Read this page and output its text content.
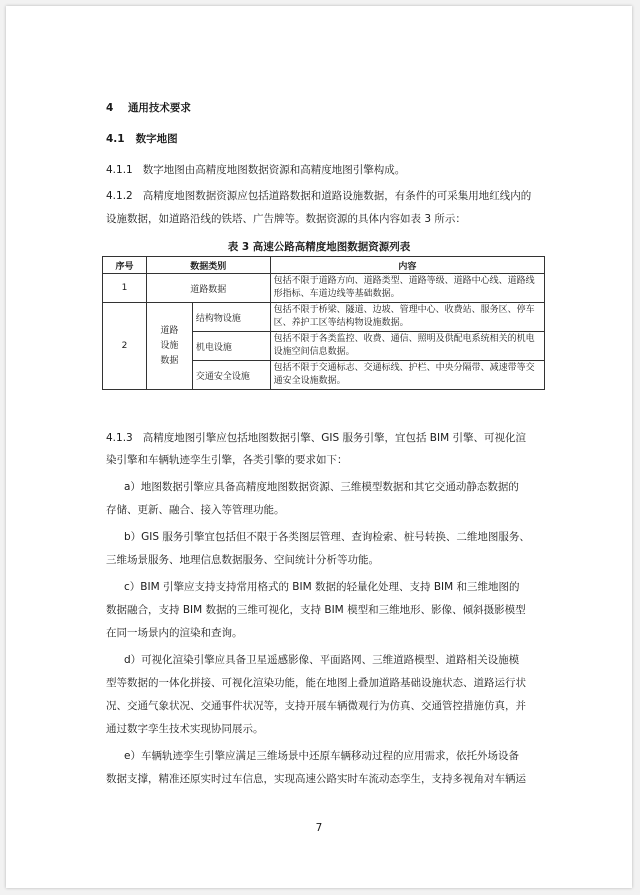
4 通用技术要求
4.1 数字地图
4.1.1 数字地图由高精度地图数据资源和高精度地图引擎构成。
4.1.2 高精度地图数据资源应包括道路数据和道路设施数据，有条件的可采集用地红线内的
设施数据，如道路沿线的铁塔、广告牌等。数据资源的具体内容如表 3 所示：
表 3 高速公路高精度地图数据资源列表
序号	数据类别		内容
1	道路数据		包括不限于道路方向、道路类型、道路等级、道路中心线、道路线形指标、车道边线等基础数据。
2	道路设施数据	结构物设施	包括不限于桥梁、隧道、边坡、管理中心、收费站、服务区、停车区、养护工区等结构物设施数据。
		机电设施	包括不限于各类监控、收费、通信、照明及供配电系统相关的机电设施空间信息数据。
		交通安全设施	包括不限于交通标志、交通标线、护栏、中央分隔带、减速带等交通安全设施数据。
4.1.3 高精度地图引擎应包括地图数据引擎、GIS 服务引擎，宜包括 BIM 引擎、可视化渲
染引擎和车辆轨迹孪生引擎，各类引擎的要求如下：
a）地图数据引擎应具备高精度地图数据资源、三维模型数据和其它交通动静态数据的
存储、更新、融合、接入等管理功能。
b）GIS 服务引擎宜包括但不限于各类图层管理、查询检索、桩号转换、二维地图服务、
三维场景服务、地理信息数据服务、空间统计分析等功能。
c）BIM 引擎应支持支持常用格式的 BIM 数据的轻量化处理、支持 BIM 和三维地图的
数据融合，支持 BIM 数据的三维可视化，支持 BIM 模型和三维地形、影像、倾斜摄影模型
在同一场景内的渲染和查询。
d）可视化渲染引擎应具备卫星遥感影像、平面路网、三维道路模型、道路相关设施模
型等数据的一体化拼接、可视化渲染功能，能在地图上叠加道路基础设施状态、道路运行状
况、交通气象状况、交通事件状况等，支持开展车辆微观行为仿真、交通管控措施仿真，并
通过数字孪生技术实现协同展示。
e）车辆轨迹孪生引擎应满足三维场景中还原车辆移动过程的应用需求，依托外场设备
数据支撑，精准还原实时过车信息，实现高速公路实时车流动态孪生，支持多视角对车辆运
7
